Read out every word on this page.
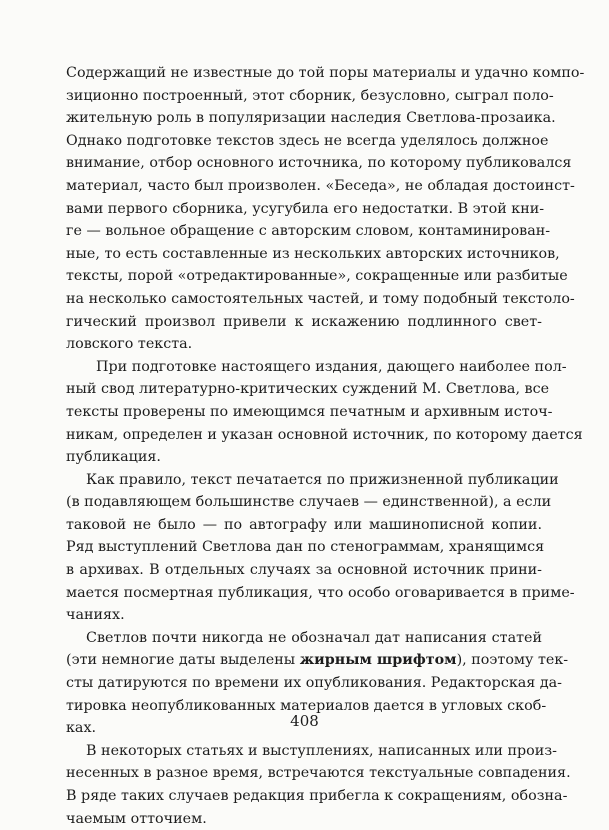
Содержащий не известные до той поры материалы и удачно компо-
зиционно построенный, этот сборник, безусловно, сыграл поло-
жительную роль в популяризации наследия Светлова-прозаика.
Однако подготовке текстов здесь не всегда уделялось должное
внимание, отбор основного источника, по которому публиковался
материал, часто был произволен. «Беседа», не обладая достоинст-
вами первого сборника, усугубила его недостатки. В этой кни-
ге — вольное обращение с авторским словом, контаминирован-
ные, то есть составленные из нескольких авторских источников,
тексты, порой «отредактированные», сокращенные или разбитые
на несколько самостоятельных частей, и тому подобный текстоло-
гический произвол привели к искажению подлинного свет-
ловского текста.
При подготовке настоящего издания, дающего наиболее пол-
ный свод литературно-критических суждений М. Светлова, все
тексты проверены по имеющимся печатным и архивным источ-
никам, определен и указан основной источник, по которому дается
публикация.
Как правило, текст печатается по прижизненной публикации
(в подавляющем большинстве случаев — единственной), а если
таковой не было — по автографу или машинописной копии.
Ряд выступлений Светлова дан по стенограммам, хранящимся
в архивах. В отдельных случаях за основной источник прини-
мается посмертная публикация, что особо оговаривается в приме-
чаниях.
Светлов почти никогда не обозначал дат написания статей
(эти немногие даты выделены жирным шрифтом), поэтому тек-
сты датируются по времени их опубликования. Редакторская да-
тировка неопубликованных материалов дается в угловых скоб-
ках.
В некоторых статьях и выступлениях, написанных или произ-
несенных в разное время, встречаются текстуальные совпадения.
В ряде таких случаев редакция прибегла к сокращениям, обозна-
чаемым отточием.
408
